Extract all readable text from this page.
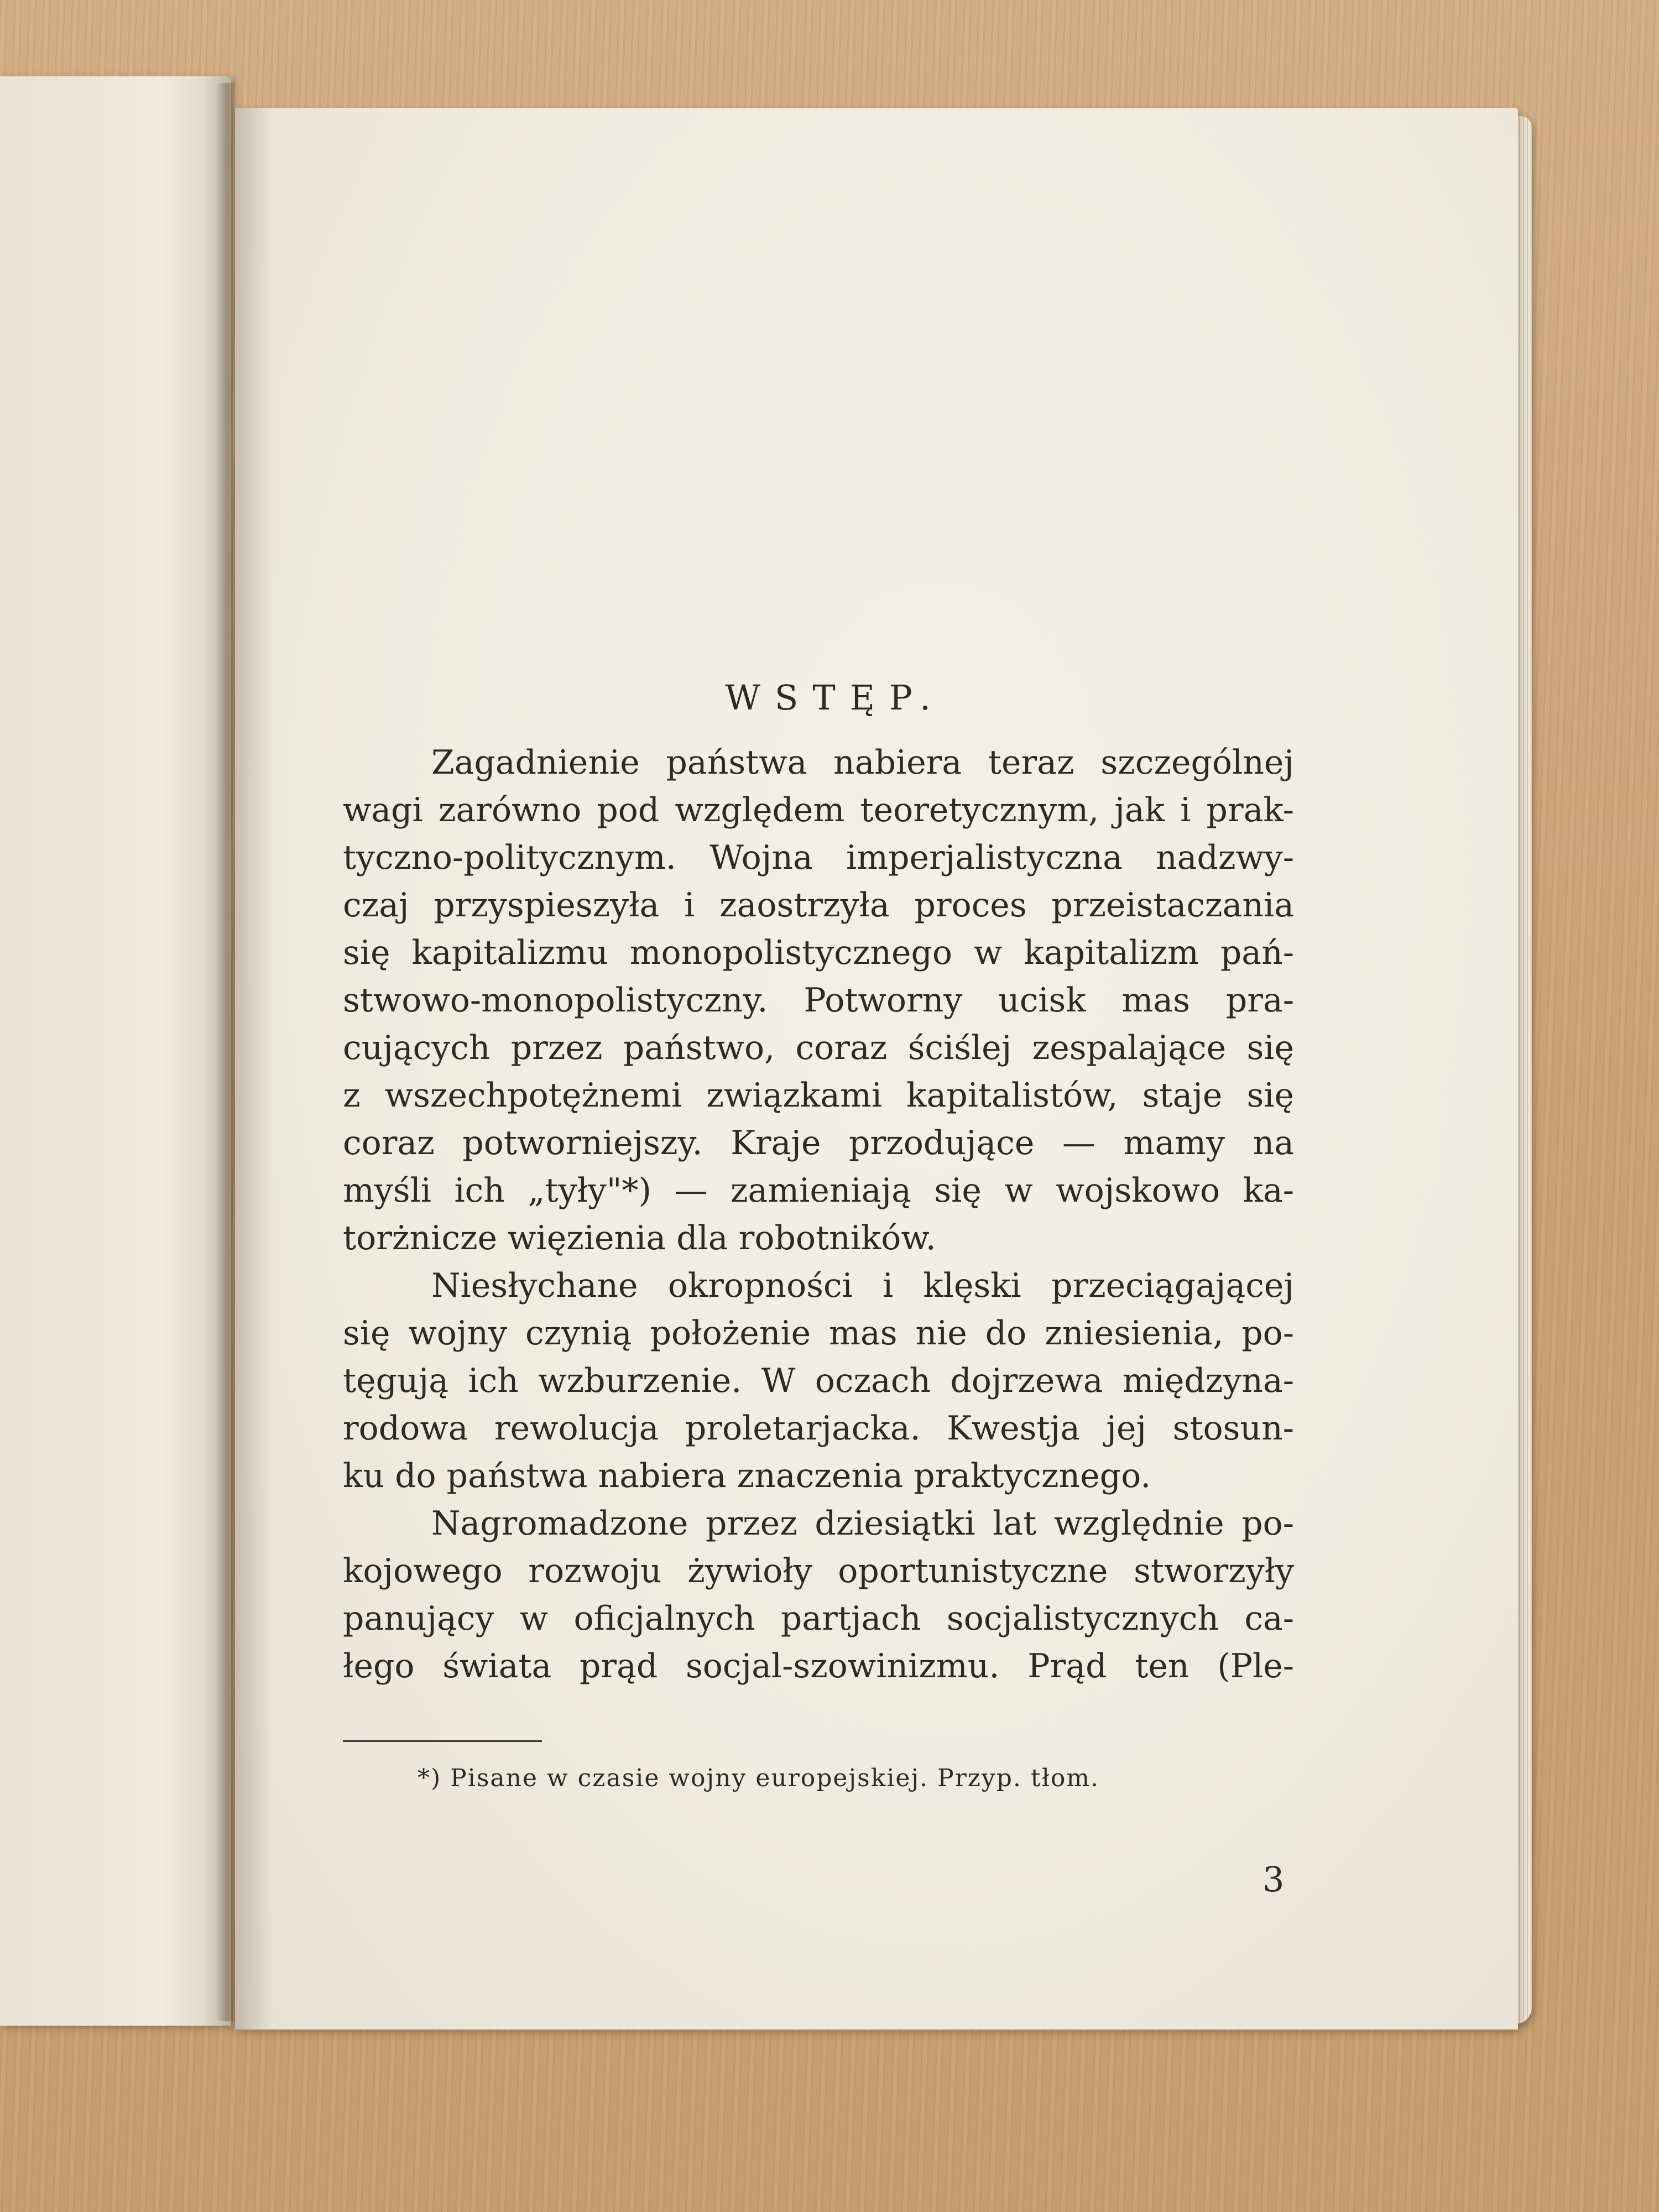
WSTĘP.
Zagadnienie państwa nabiera teraz szczególnej
wagi zarówno pod względem teoretycznym, jak i prak-
tyczno-politycznym. Wojna imperjalistyczna nadzwy-
czaj przyspieszyła i zaostrzyła proces przeistaczania
się kapitalizmu monopolistycznego w kapitalizm pań-
stwowo-monopolistyczny. Potworny ucisk mas pra-
cujących przez państwo, coraz ściślej zespalające się
z wszechpotężnemi związkami kapitalistów, staje się
coraz potworniejszy. Kraje przodujące — mamy na
myśli ich „tyły"*) — zamieniają się w wojskowo ka-
torżnicze więzienia dla robotników.
Niesłychane okropności i klęski przeciągającej
się wojny czynią położenie mas nie do zniesienia, po-
tęgują ich wzburzenie. W oczach dojrzewa międzyna-
rodowa rewolucja proletarjacka. Kwestja jej stosun-
ku do państwa nabiera znaczenia praktycznego.
Nagromadzone przez dziesiątki lat względnie po-
kojowego rozwoju żywioły oportunistyczne stworzyły
panujący w oficjalnych partjach socjalistycznych ca-
łego świata prąd socjal-szowinizmu. Prąd ten (Ple-
*) Pisane w czasie wojny europejskiej. Przyp. tłom.
3
